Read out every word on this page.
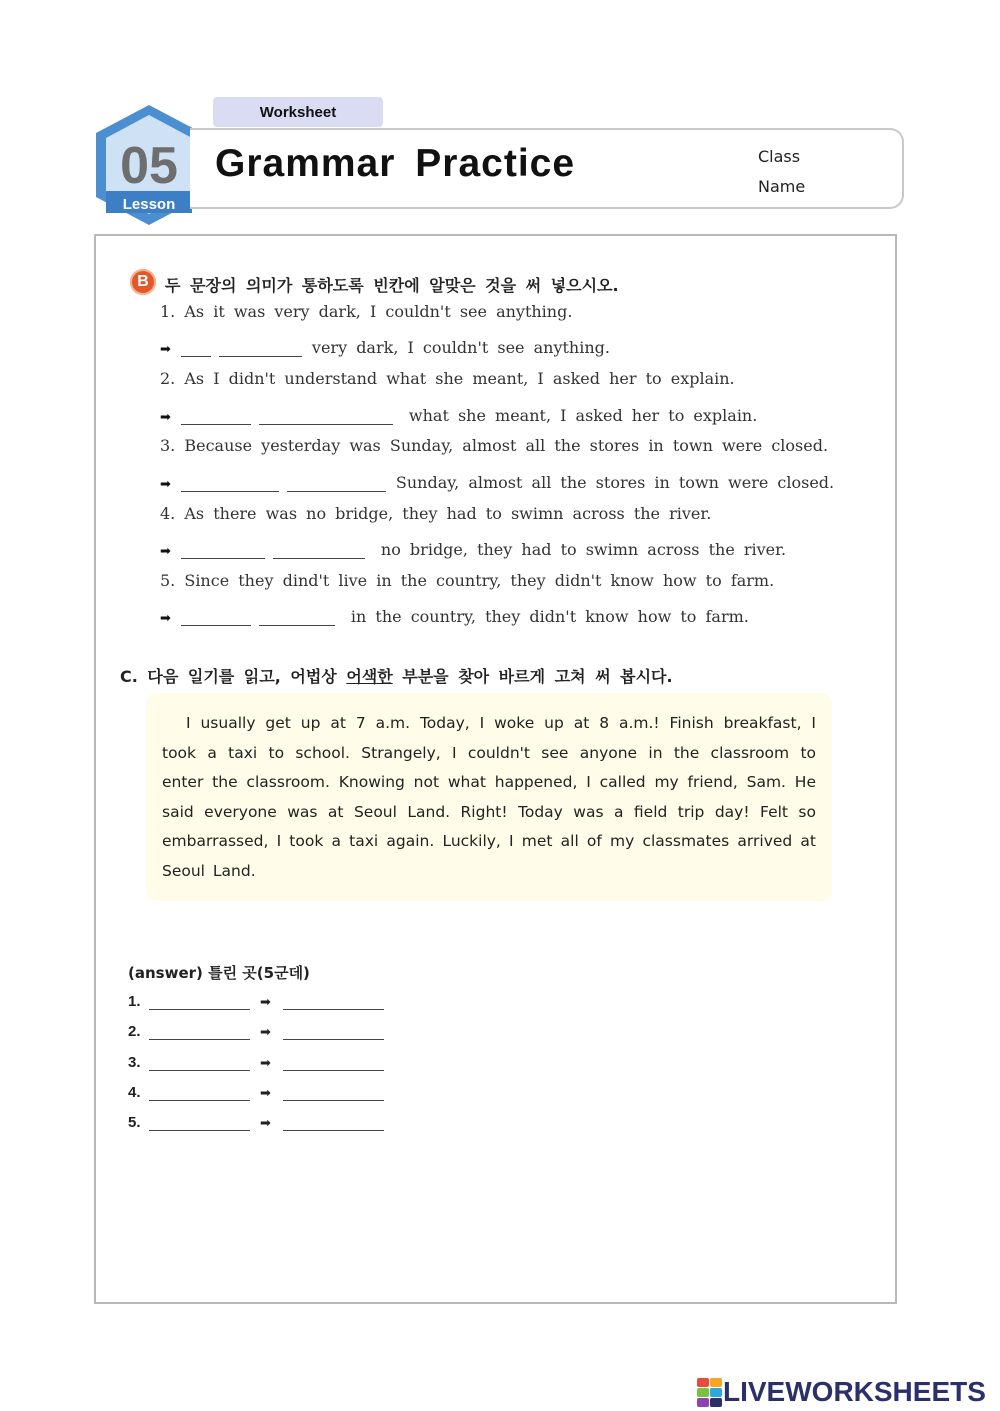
Worksheet
05
Lesson
Grammar Practice	Class
Name
B	두 문장의 의미가 통하도록 빈칸에 알맞은 것을 써 넣으시오.
1. As it was very dark, I couldn't see anything.
➡	very dark, I couldn't see anything.
2. As I didn't understand what she meant, I asked her to explain.
➡	what she meant, I asked her to explain.
3. Because yesterday was Sunday, almost all the stores in town were closed.
➡	Sunday, almost all the stores in town were closed.
4. As there was no bridge, they had to swimn across the river.
➡	no bridge, they had to swimn across the river.
5. Since they dind't live in the country, they didn't know how to farm.
➡	in the country, they didn't know how to farm.
C. 다음 일기를 읽고, 어법상 어색한 부분을 찾아 바르게 고쳐 써 봅시다.

I usually get up at 7 a.m. Today, I woke up at 8 a.m.! Finish breakfast, I took a taxi to school. Strangely, I couldn't see anyone in the classroom to enter the classroom. Knowing not what happened, I called my friend, Sam. He said everyone was at Seoul Land. Right! Today was a field trip day! Felt so embarrassed, I took a taxi again. Luckily, I met all of my classmates arrived at Seoul Land.

(answer) 틀린 곳(5군데)
1.	➡
2.	➡
3.	➡
4.	➡
5.	➡
LIVEWORKSHEETS
